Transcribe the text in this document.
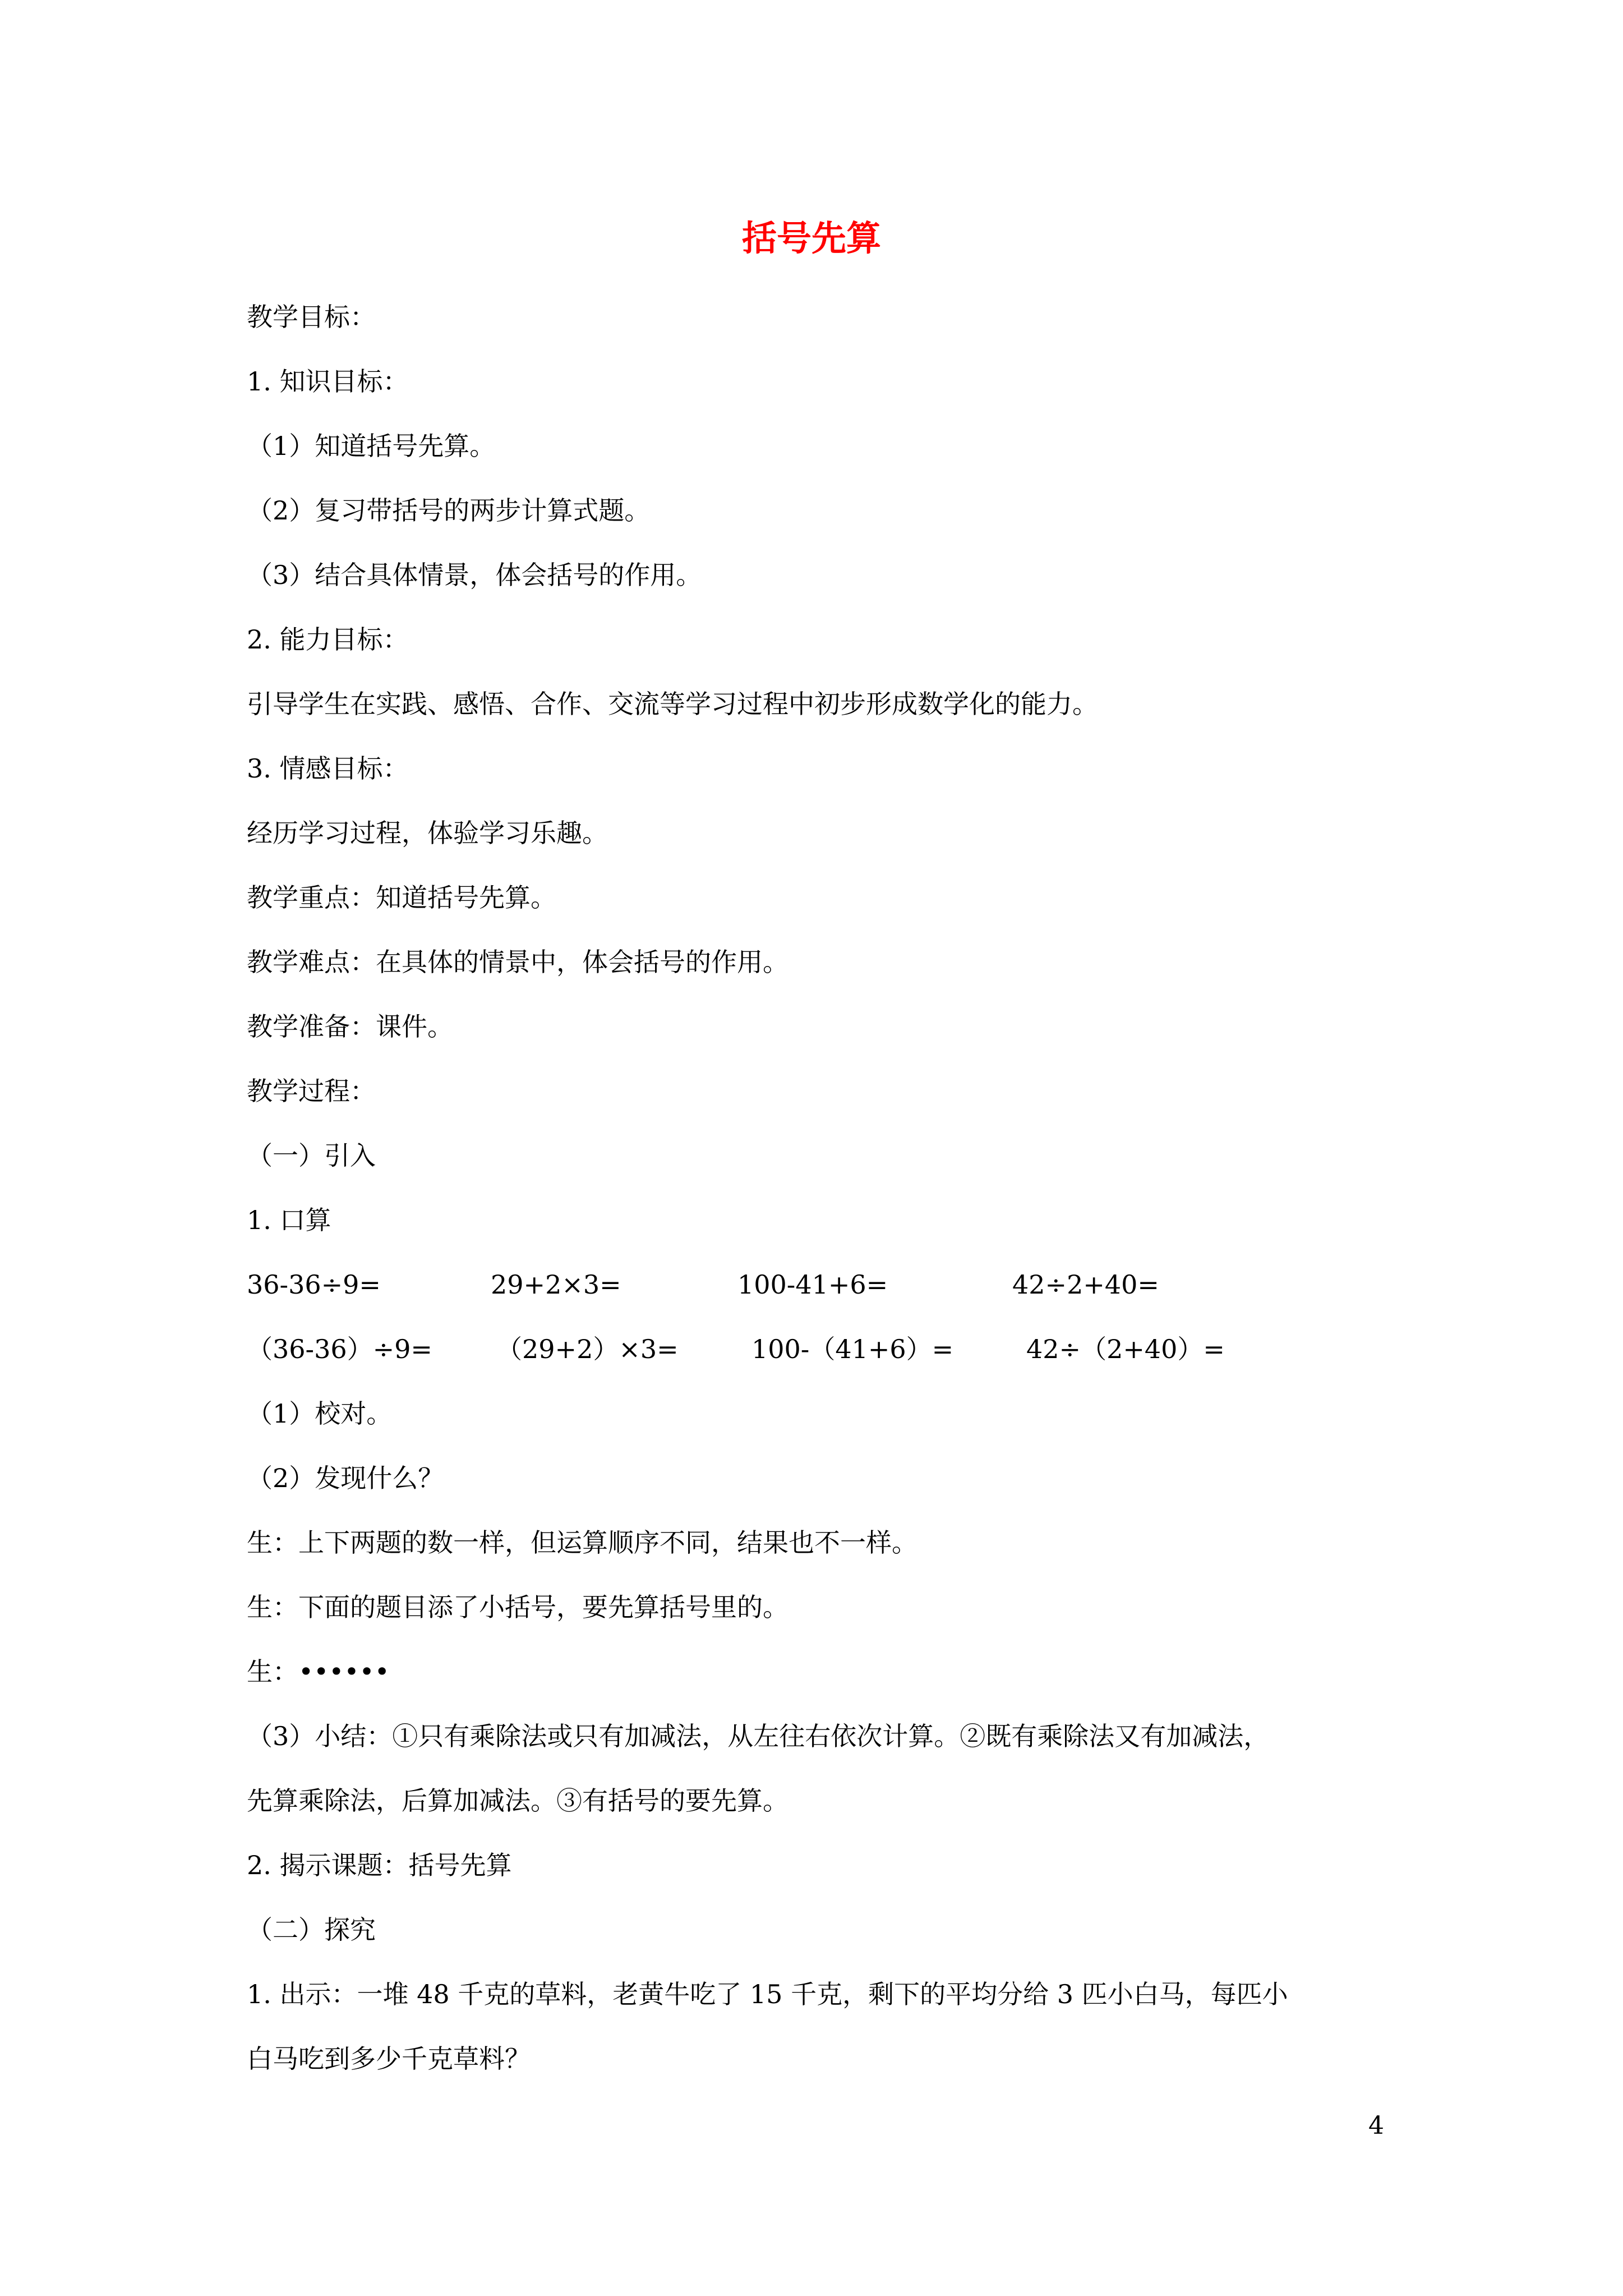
括号先算
教学目标：
1. 知识目标：
（1）知道括号先算。
（2）复习带括号的两步计算式题。
（3）结合具体情景，体会括号的作用。
2. 能力目标：
引导学生在实践、感悟、合作、交流等学习过程中初步形成数学化的能力。
3. 情感目标：
经历学习过程，体验学习乐趣。
教学重点：知道括号先算。
教学难点：在具体的情景中，体会括号的作用。
教学准备：课件。
教学过程：
（一）引入
1. 口算
36-36÷9=	29+2×3=	100-41+6=	42÷2+40=
（36-36）÷9= （29+2）×3=	100-（41+6）=	42÷（2+40）=
（1）校对。
（2）发现什么？
生：上下两题的数一样，但运算顺序不同，结果也不一样。
生：下面的题目添了小括号，要先算括号里的。
生：••••••
（3）小结：①只有乘除法或只有加减法，从左往右依次计算。②既有乘除法又有加减法，
先算乘除法，后算加减法。③有括号的要先算。
2. 揭示课题：括号先算
（二）探究
1. 出示：一堆 48 千克的草料，老黄牛吃了 15 千克，剩下的平均分给 3 匹小白马，每匹小
白马吃到多少千克草料？
4
